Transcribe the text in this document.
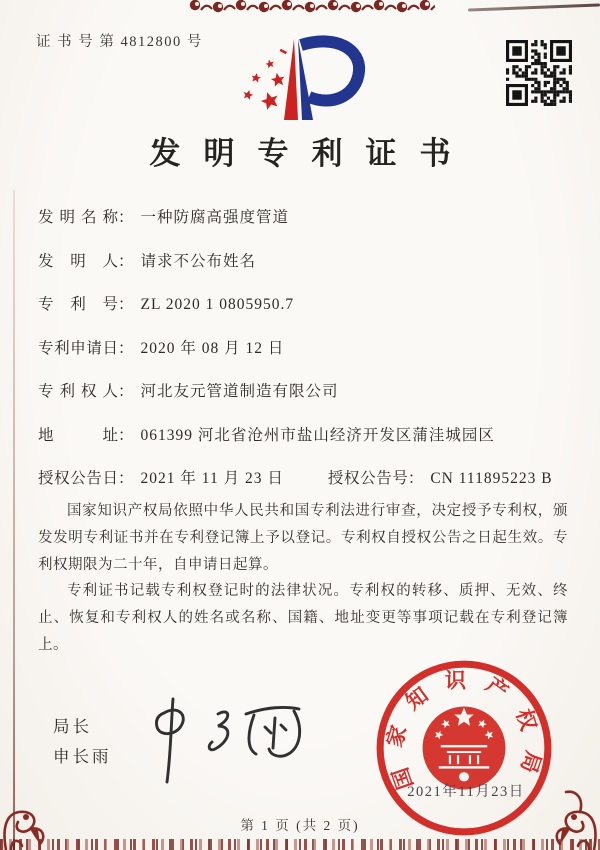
证 书 号 第 4812800 号
发明专利证书
发明名称： 一种防腐高强度管道
发明人： 请求不公布姓名
专利号： ZL 2020 1 0805950.7
专利申请日： 2020 年 08 月 12 日
专利权人： 河北友元管道制造有限公司
地址： 061399 河北省沧州市盐山经济开发区蒲洼城园区
授权公告日： 2021 年 11 月 23 日	授权公告号： CN 111895223 B

国家知识产权局依照中华人民共和国专利法进行审查，决定授予专利权，颁发发明专利证书并在专利登记簿上予以登记。专利权自授权公告之日起生效。专利权期限为二十年，自申请日起算。

专利证书记载专利权登记时的法律状况。专利权的转移、质押、无效、终止、恢复和专利权人的姓名或名称、国籍、地址变更等事项记载在专利登记簿上。

局长
申长雨	国家知识产权局
2021年11月23日
第 1 页 (共 2 页)
